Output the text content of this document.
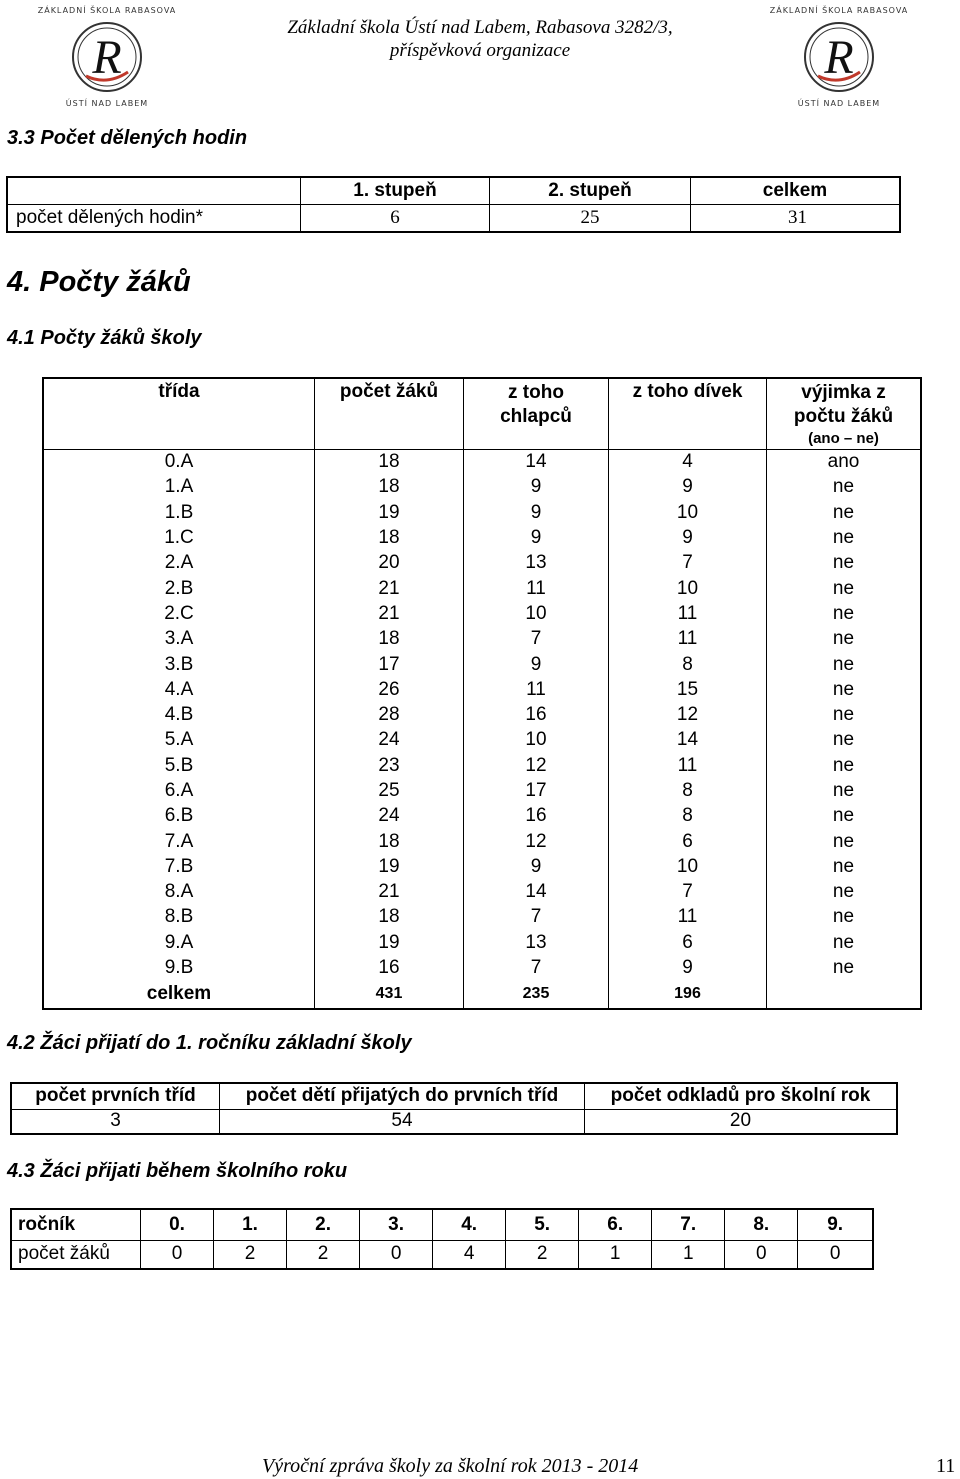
R
ZÁKLADNÍ ŠKOLA RABASOVA
ÚSTÍ NAD LABEM
R
ZÁKLADNÍ ŠKOLA RABASOVA
ÚSTÍ NAD LABEM
Základní škola Ústí nad Labem, Rabasova 3282/3,
příspěvková organizace
3.3 Počet dělených hodin
	1. stupeň	2. stupeň	celkem
počet dělených hodin*	6	25	31
4. Počty žáků
4.1 Počty žáků školy
třída	počet žáků	z toho chlapců	z toho dívek	výjimka z počtu žáků
(ano – ne)

0.A	18	14	4	ano
1.A	18	9	9	ne
1.B	19	9	10	ne
1.C	18	9	9	ne
2.A	20	13	7	ne
2.B	21	11	10	ne
2.C	21	10	11	ne
3.A	18	7	11	ne
3.B	17	9	8	ne
4.A	26	11	15	ne
4.B	28	16	12	ne
5.A	24	10	14	ne
5.B	23	12	11	ne
6.A	25	17	8	ne
6.B	24	16	8	ne
7.A	18	12	6	ne
7.B	19	9	10	ne
8.A	21	14	7	ne
8.B	18	7	11	ne
9.A	19	13	6	ne
9.B	16	7	9	ne
celkem	431	235	196	
4.2 Žáci přijatí do 1. ročníku základní školy
počet prvních tříd	počet dětí přijatých do prvních tříd	počet odkladů pro školní rok
3	54	20
4.3 Žáci přijati během školního roku
ročník	0.	1.	2.	3.	4.	5.	6.	7.	8.	9.
počet žáků	0	2	2	0	4	2	1	1	0	0
Výroční zpráva školy za školní rok 2013 - 2014	11
